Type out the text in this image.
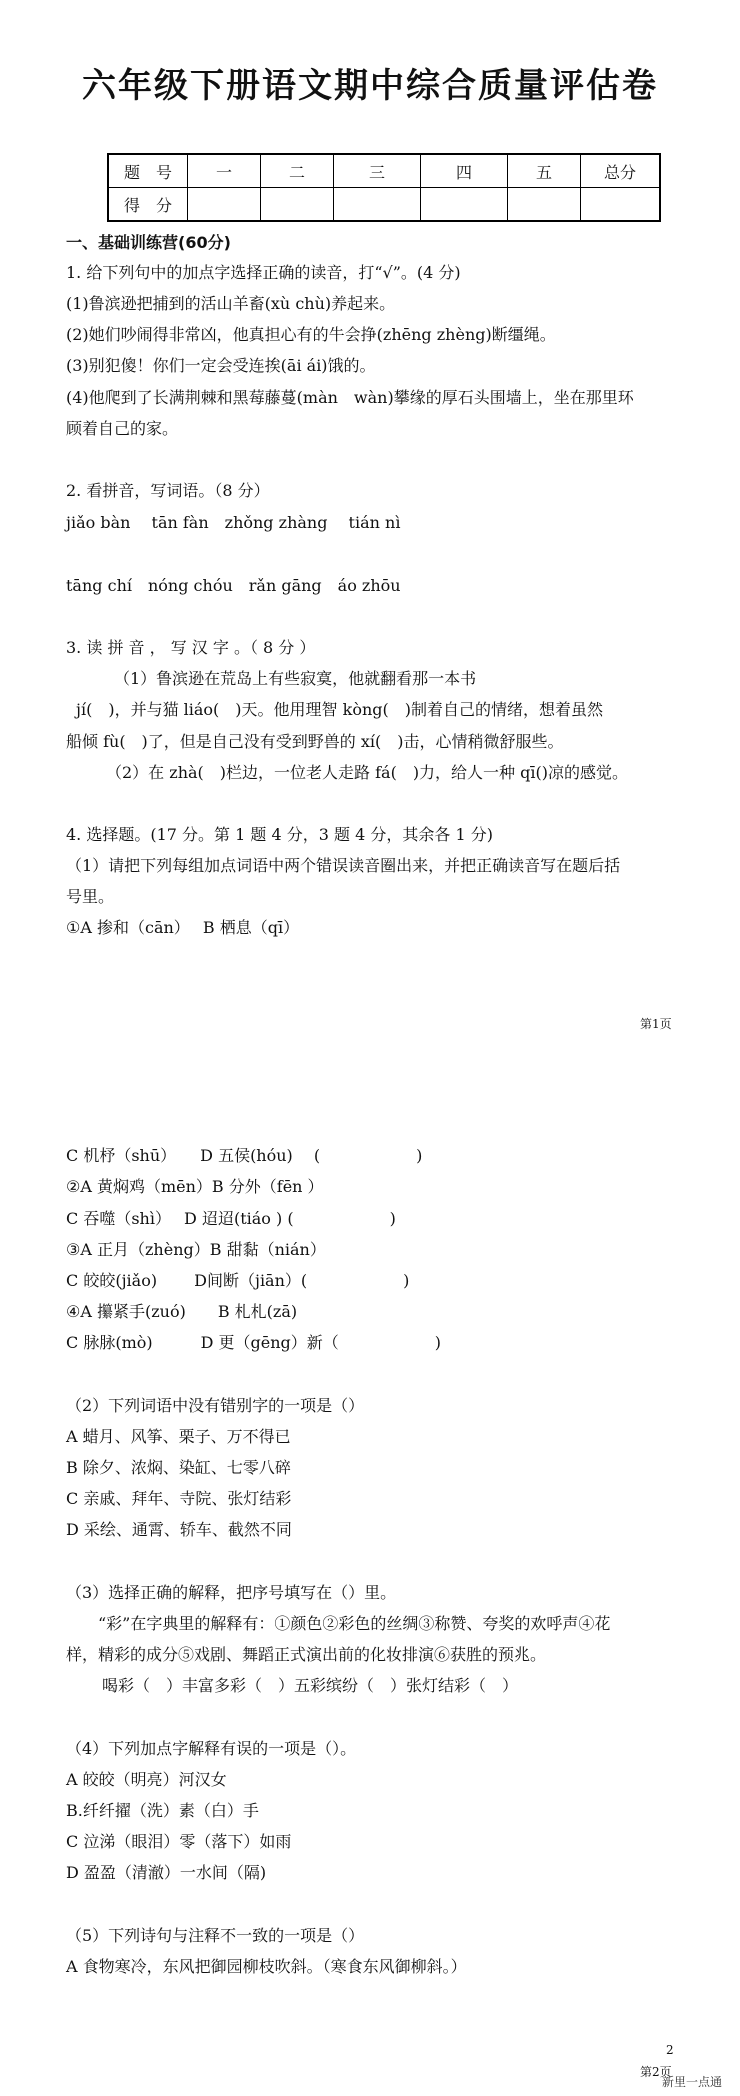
六年级下册语文期中综合质量评估卷
题　号	一	二	三	四	五	总分
得　分						
一、基础训练营(60分)
1. 给下列句中的加点字选择正确的读音，打“√”。(4 分)
(1)鲁滨逊把捕到的活山羊畜(xù chù)养起来。
(2)她们吵闹得非常凶，他真担心有的牛会挣(zhēng zhèng)断缰绳。
(3)别犯傻！你们一定会受连挨(āi ái)饿的。
(4)他爬到了长满荆棘和黑莓藤蔓(màn　wàn)攀缘的厚石头围墙上，坐在那里环
顾着自己的家。
2. 看拼音，写词语。（8 分）
jiǎo bàn　 tān fàn　zhǒng zhàng　 tián nì
tāng chí　nóng chóu　rǎn gāng　áo zhōu
3. 读 拼 音 ， 写 汉 字 。（ 8 分 ）
（1）鲁滨逊在荒岛上有些寂寞，他就翻看那一本书
jí(　)，并与猫 liáo(　)天。他用理智 kòng(　)制着自己的情绪，想着虽然
船倾 fù(　)了，但是自己没有受到野兽的 xí(　)击，心情稍微舒服些。
（2）在 zhà(　)栏边，一位老人走路 fá(　)力，给人一种 qī()凉的感觉。
4. 选择题。(17 分。第 1 题 4 分，3 题 4 分，其余各 1 分)
（1）请把下列每组加点词语中两个错误读音圈出来，并把正确读音写在题后括
号里。
①A 掺和（cān）　 B 栖息（qī）
第1页
C 机杼（shū）　　D 五侯(hóu)　 (　　　　　　)
②A 黄焖鸡（mēn）B 分外（fēn ）
C 吞噬（shì）　 D 迢迢(tiáo ) (　　　　　　)
③A 正月（zhèng）B 甜黏（nián）
C 皎皎(jiǎo)　　 D间断（jiān）(　　　　　　)
④A 攥紧手(zuó)　　B 札札(zā)
C 脉脉(mò)　　　D 更（gēng）新（　　　　　　)
（2）下列词语中没有错别字的一项是（）
A 蜡月、风筝、栗子、万不得已
B 除夕、浓焖、染缸、七零八碎
C 亲戚、拜年、寺院、张灯结彩
D 采绘、通霄、轿车、截然不同
（3）选择正确的解释，把序号填写在（）里。
“彩”在字典里的解释有：①颜色②彩色的丝绸③称赞、夸奖的欢呼声④花
样，精彩的成分⑤戏剧、舞蹈正式演出前的化妆排演⑥获胜的预兆。
喝彩（　）丰富多彩（　）五彩缤纷（　）张灯结彩（　）
（4）下列加点字解释有误的一项是（）。
A 皎皎（明亮）河汉女
B.纤纤擢（洗）素（白）手
C 泣涕（眼泪）零（落下）如雨
D 盈盈（清澈）一水间（隔)
（5）下列诗句与注释不一致的一项是（）
A 食物寒冷，东风把御园柳枝吹斜。（寒食东风御柳斜。）
2
第2页
新里一点通
